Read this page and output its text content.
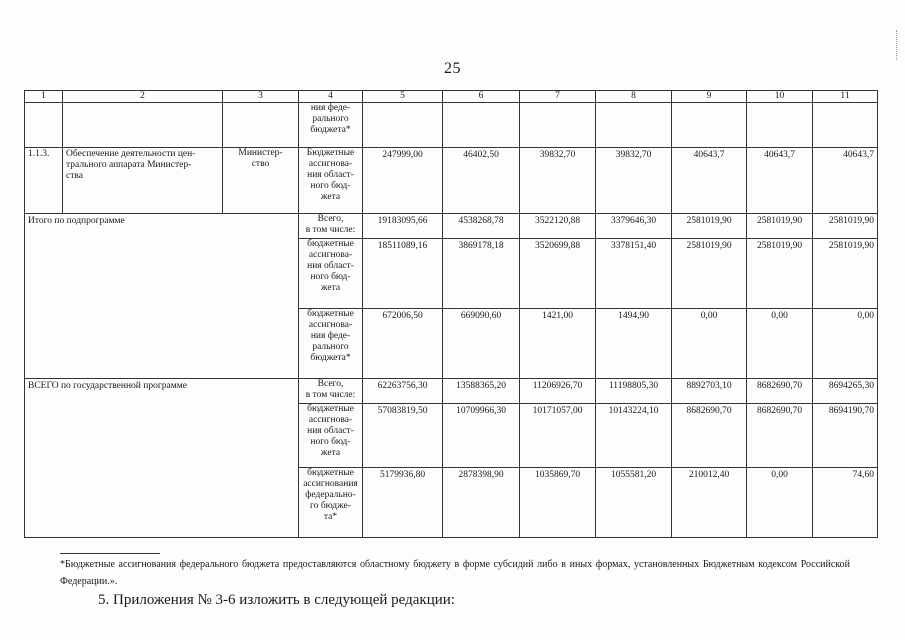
25
1	2	3	4	5	6	7	8	9	10	11
			ния феде-
рального
бюджета*							
1.1.3.	Обеспечение деятельности цен-
трального аппарата Министер-
ства	Министер-
ство	Бюджетные
ассигнова-
ния област-
ного бюд-
жета	247999,00	46402,50	39832,70	39832,70	40643,7	40643,7	40643,7
Итого по подпрограмме			Всего,
в том числе:	19183095,66	4538268,78	3522120,88	3379646,30	2581019,90	2581019,90	2581019,90
			бюджетные
ассигнова-
ния област-
ного бюд-
жета	18511089,16	3869178,18	3520699,88	3378151,40	2581019,90	2581019,90	2581019,90
			бюджетные
ассигнова-
ния феде-
рального
бюджета*	672006,50	669090,60	1421,00	1494,90	0,00	0,00	0,00
ВСЕГО по государственной программе			Всего,
в том числе:	62263756,30	13588365,20	11206926,70	11198805,30	8892703,10	8682690,70	8694265,30
			бюджетные
ассигнова-
ния област-
ного бюд-
жета	57083819,50	10709966,30	10171057,00	10143224,10	8682690,70	8682690,70	8694190,70
			бюджетные
ассигнования
федерально-
го бюдже-
та*	5179936,80	2878398,90	1035869,70	1055581,20	210012,40	0,00	74,60
*Бюджетные ассигнования федерального бюджета предоставляются областному бюджету в форме субсидий либо в иных формах, установленных Бюджетным кодексом Российской Федерации.».
5. Приложения № 3-6 изложить в следующей редакции:
